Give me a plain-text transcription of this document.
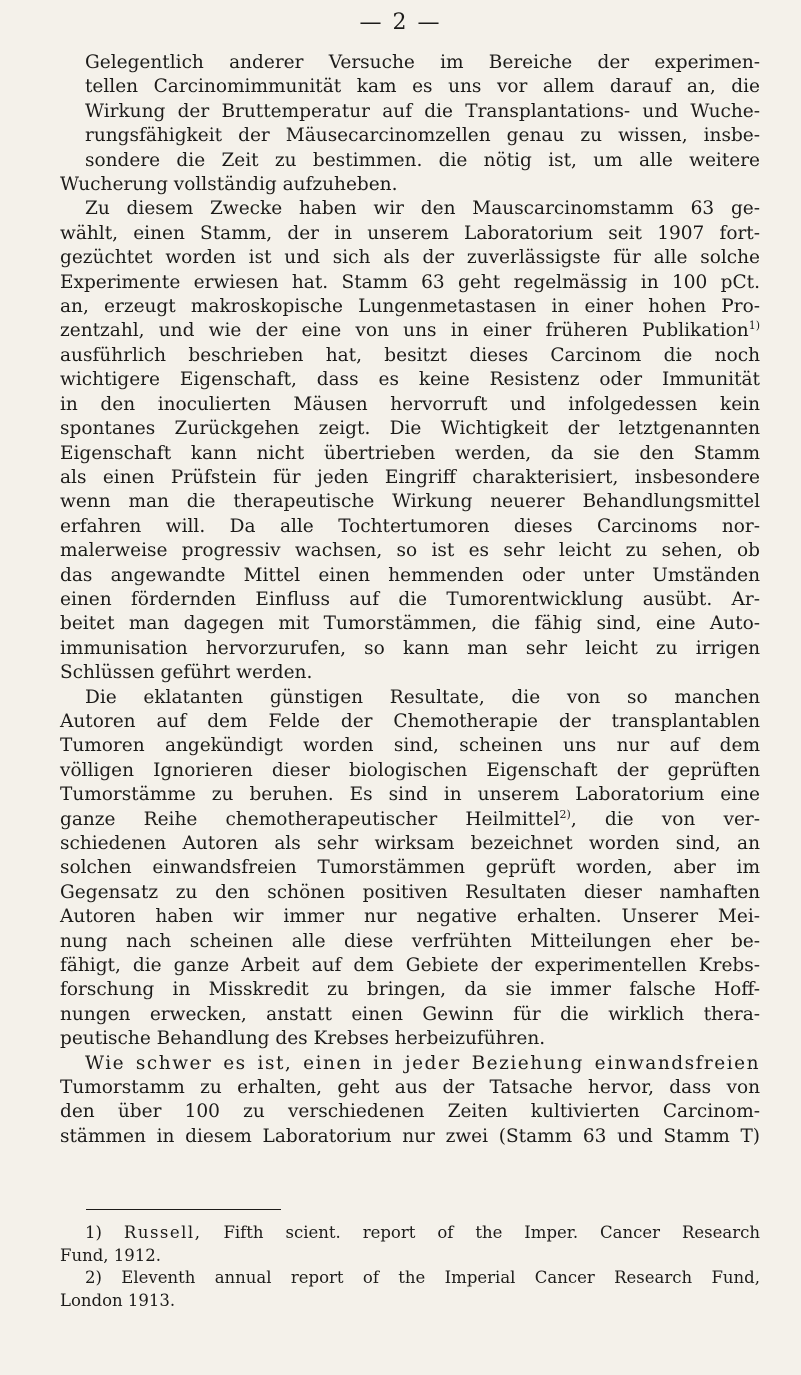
— 2 —

Gelegentlich anderer Versuche im Bereiche der experimen-
tellen Carcinomimmunität kam es uns vor allem darauf an, die
Wirkung der Bruttemperatur auf die Transplantations- und Wuche-
rungsfähigkeit der Mäusecarcinomzellen genau zu wissen, insbe-
sondere die Zeit zu bestimmen. die nötig ist, um alle weitere
Wucherung vollständig aufzuheben.

Zu diesem Zwecke haben wir den Mauscarcinomstamm 63 ge-
wählt, einen Stamm, der in unserem Laboratorium seit 1907 fort-
gezüchtet worden ist und sich als der zuverlässigste für alle solche
Experimente erwiesen hat. Stamm 63 geht regelmässig in 100 pCt.
an, erzeugt makroskopische Lungenmetastasen in einer hohen Pro-
zentzahl, und wie der eine von uns in einer früheren Publikation$^{1)}$
ausführlich beschrieben hat, besitzt dieses Carcinom die noch
wichtigere Eigenschaft, dass es keine Resistenz oder Immunität
in den inoculierten Mäusen hervorruft und infolgedessen kein
spontanes Zurückgehen zeigt. Die Wichtigkeit der letztgenannten
Eigenschaft kann nicht übertrieben werden, da sie den Stamm
als einen Prüfstein für jeden Eingriff charakterisiert, insbesondere
wenn man die therapeutische Wirkung neuerer Behandlungsmittel
erfahren will. Da alle Tochtertumoren dieses Carcinoms nor-
malerweise progressiv wachsen, so ist es sehr leicht zu sehen, ob
das angewandte Mittel einen hemmenden oder unter Umständen
einen fördernden Einfluss auf die Tumorentwicklung ausübt. Ar-
beitet man dagegen mit Tumorstämmen, die fähig sind, eine Auto-
immunisation hervorzurufen, so kann man sehr leicht zu irrigen
Schlüssen geführt werden.

Die eklatanten günstigen Resultate, die von so manchen
Autoren auf dem Felde der Chemotherapie der transplantablen
Tumoren angekündigt worden sind, scheinen uns nur auf dem
völligen Ignorieren dieser biologischen Eigenschaft der geprüften
Tumorstämme zu beruhen. Es sind in unserem Laboratorium eine
ganze Reihe chemotherapeutischer Heilmittel$^{2)}$, die von ver-
schiedenen Autoren als sehr wirksam bezeichnet worden sind, an
solchen einwandsfreien Tumorstämmen geprüft worden, aber im
Gegensatz zu den schönen positiven Resultaten dieser namhaften
Autoren haben wir immer nur negative erhalten. Unserer Mei-
nung nach scheinen alle diese verfrühten Mitteilungen eher be-
fähigt, die ganze Arbeit auf dem Gebiete der experimentellen Krebs-
forschung in Misskredit zu bringen, da sie immer falsche Hoff-
nungen erwecken, anstatt einen Gewinn für die wirklich thera-
peutische Behandlung des Krebses herbeizuführen.

Wie schwer es ist, einen in jeder Beziehung einwandsfreien
Tumorstamm zu erhalten, geht aus der Tatsache hervor, dass von
den über 100 zu verschiedenen Zeiten kultivierten Carcinom-
stämmen in diesem Laboratorium nur zwei (Stamm 63 und Stamm T)

1) Russell, Fifth scient. report of the Imper. Cancer Research
Fund, 1912.
2) Eleventh annual report of the Imperial Cancer Research Fund,
London 1913.
